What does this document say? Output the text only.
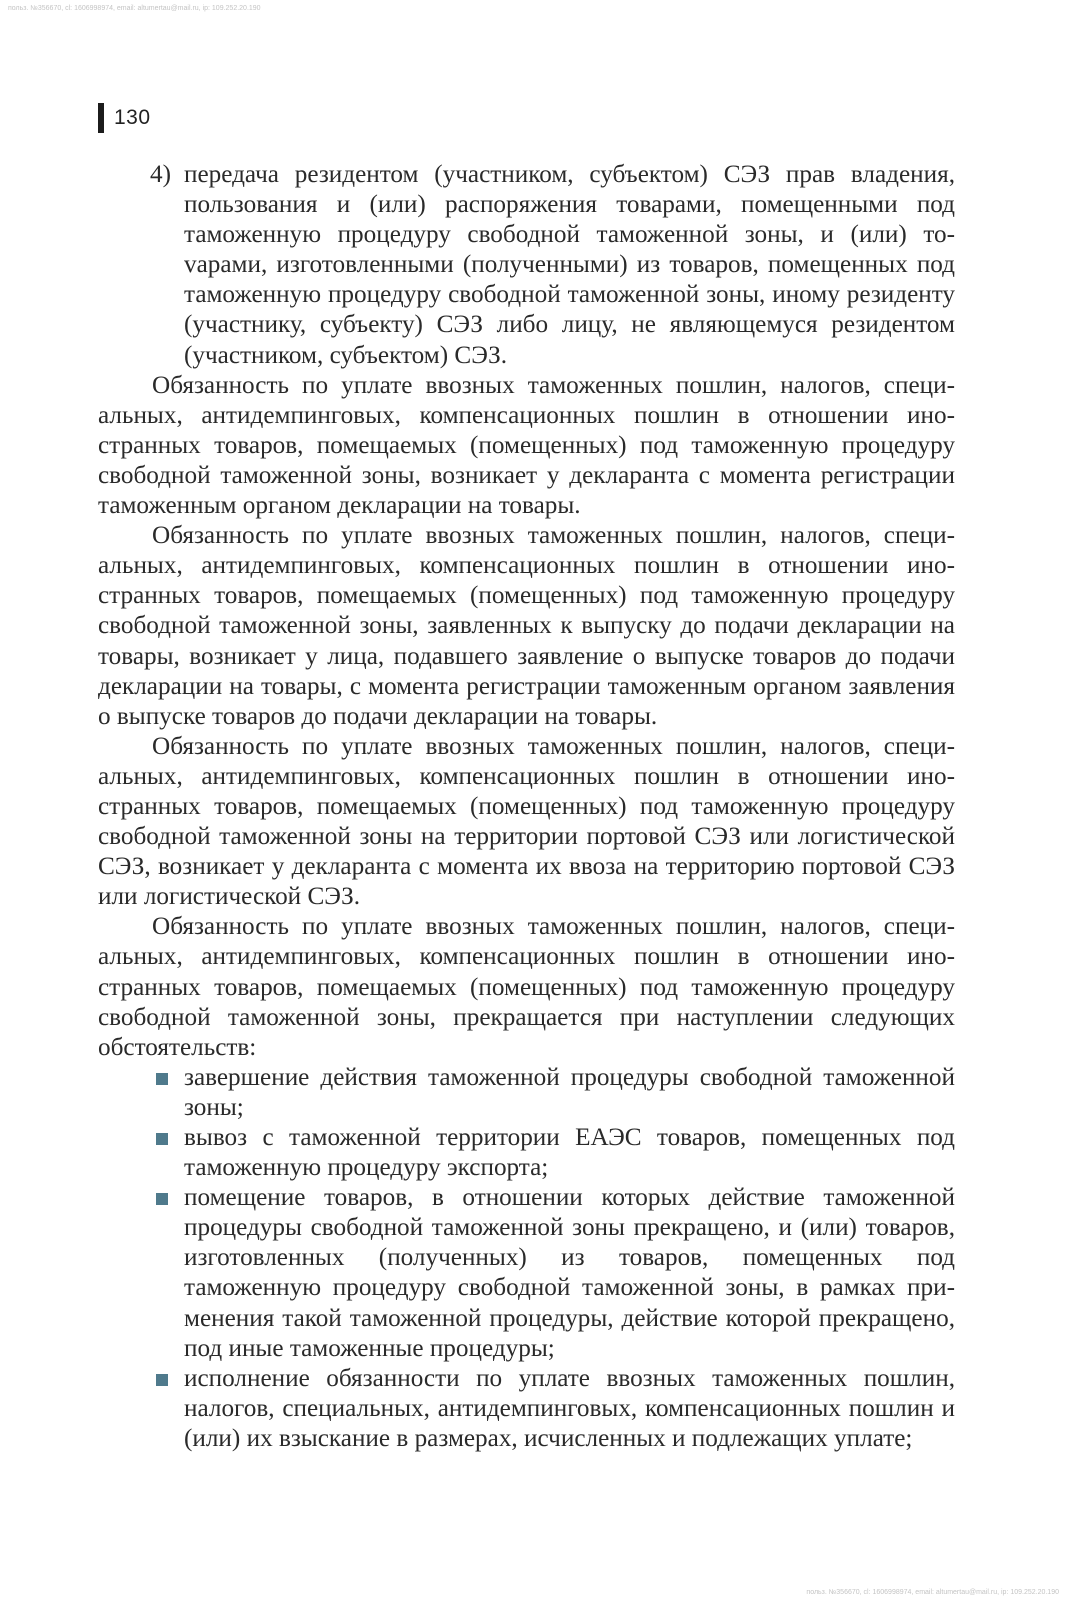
польз. №356670, cl: 1606998974, email: altumertau@mail.ru, ip: 109.252.20.190
130
4) передача резидентом (участником, субъектом) СЭЗ прав владения, пользования и (или) распоряжения товарами, помещенными под таможенную процедуру свободной таможенной зоны, и (или) тоvарами, изготовленными (полученными) из товаров, помещенных под таможенную процедуру свободной таможенной зоны, иному резиденту (участнику, субъекту) СЭЗ либо лицу, не являющемуся резидентом (участником, субъектом) СЭЗ.

Обязанность по уплате ввозных таможенных пошлин, налогов, специальных, антидемпинговых, компенсационных пошлин в отношении иностранных товаров, помещаемых (помещенных) под таможенную процедуру свободной таможенной зоны, возникает у декларанта с момента регистрации таможенным органом декларации на товары.

Обязанность по уплате ввозных таможенных пошлин, налогов, специальных, антидемпинговых, компенсационных пошлин в отношении иностранных товаров, помещаемых (помещенных) под таможенную процедуру свободной таможенной зоны, заявленных к выпуску до подачи декларации на товары, возникает у лица, подавшего заявление о выпуске товаров до подачи декларации на товары, с момента регистрации таможенным органом заявления о выпуске товаров до подачи декларации на товары.

Обязанность по уплате ввозных таможенных пошлин, налогов, специальных, антидемпинговых, компенсационных пошлин в отношении иностранных товаров, помещаемых (помещенных) под таможенную процедуру свободной таможенной зоны на территории портовой СЭЗ или логистической СЭЗ, возникает у декларанта с момента их ввоза на территорию портовой СЭЗ или логистической СЭЗ.

Обязанность по уплате ввозных таможенных пошлин, налогов, специальных, антидемпинговых, компенсационных пошлин в отношении иностранных товаров, помещаемых (помещенных) под таможенную процедуру свободной таможенной зоны, прекращается при наступлении следующих обстоятельств:

завершение действия таможенной процедуры свободной таможенной зоны;
вывоз с таможенной территории ЕАЭС товаров, помещенных под таможенную процедуру экспорта;
помещение товаров, в отношении которых действие таможенной процедуры свободной таможенной зоны прекращено, и (или) товаров, изготовленных (полученных) из товаров, помещенных под таможенную процедуру свободной таможенной зоны, в рамках применения такой таможенной процедуры, действие которой прекращено, под иные таможенные процедуры;
исполнение обязанности по уплате ввозных таможенных пошлин, налогов, специальных, антидемпинговых, компенсационных пошлин и (или) их взыскание в размерах, исчисленных и подлежащих уплате;
польз. №356670, cl: 1606998974, email: altumertau@mail.ru, ip: 109.252.20.190
